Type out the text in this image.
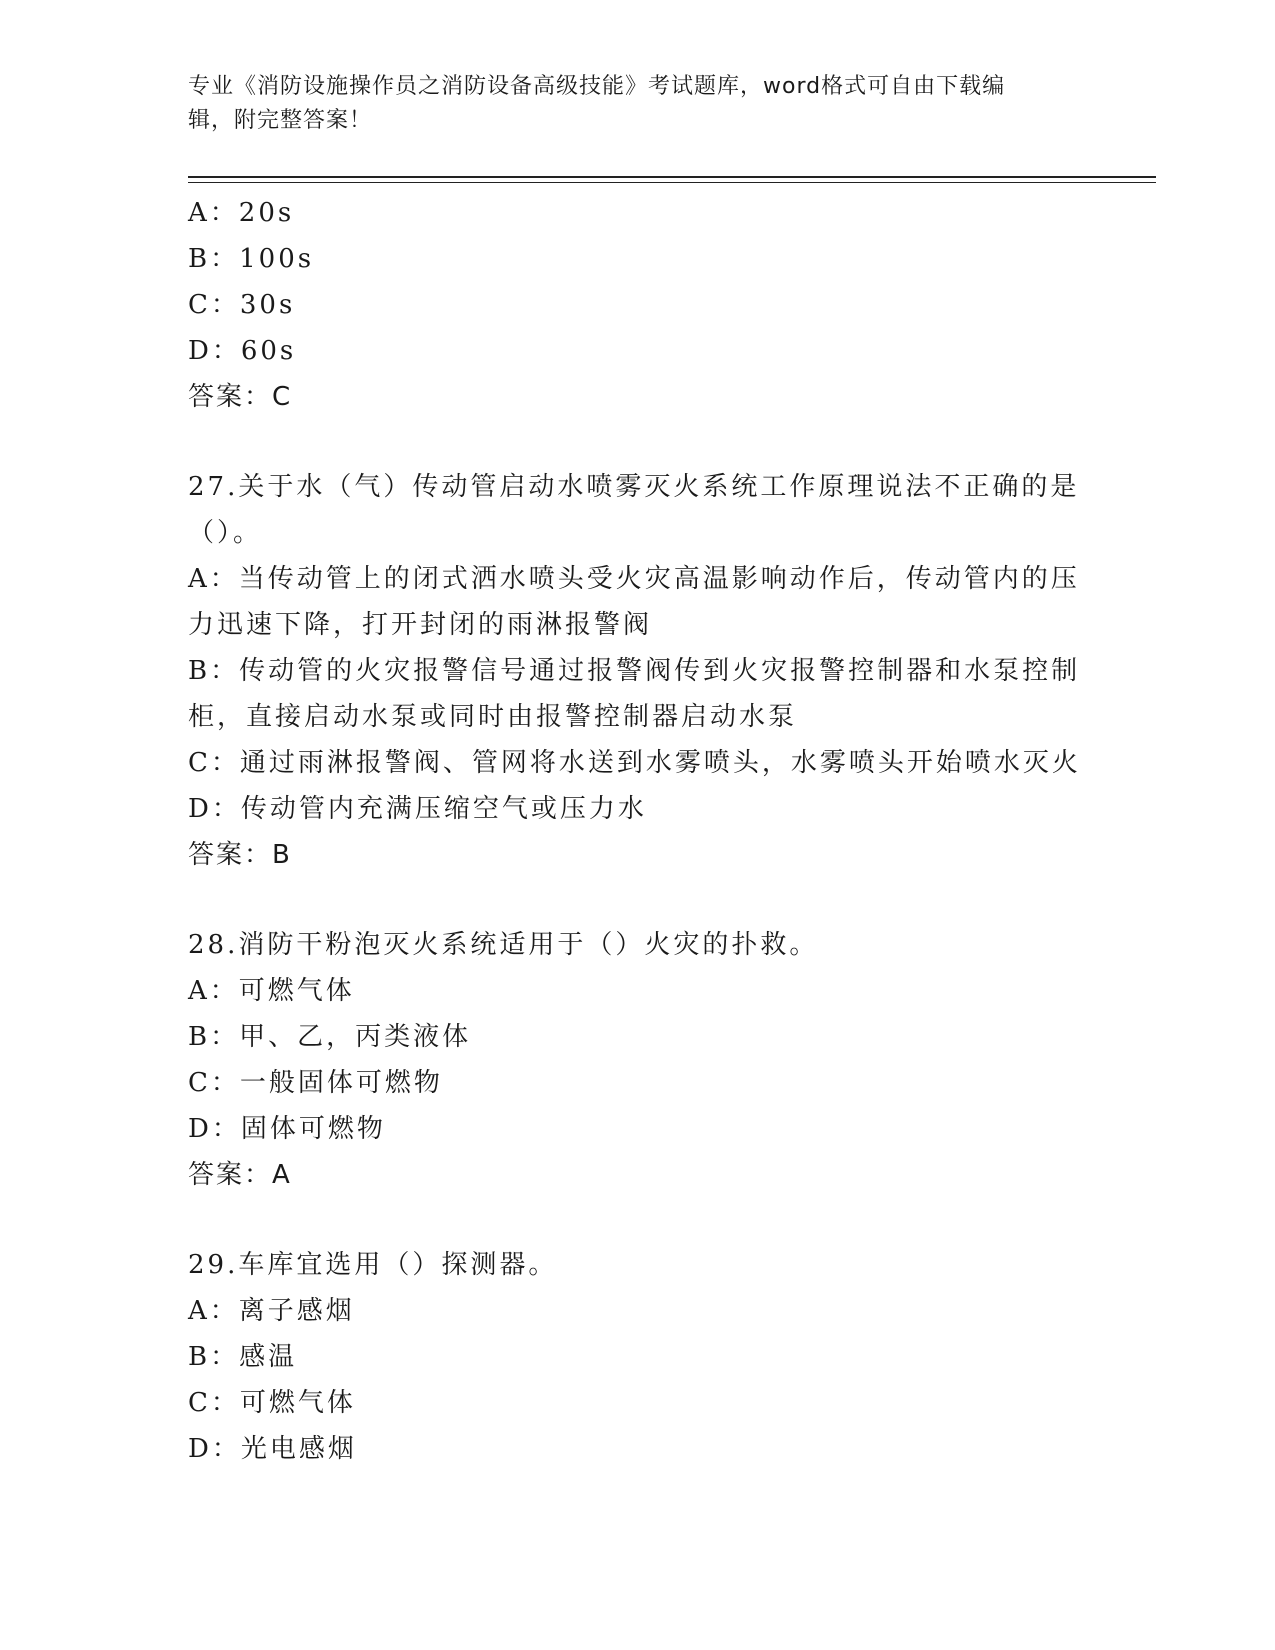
专业《消防设施操作员之消防设备高级技能》考试题库，word格式可自由下载编
辑，附完整答案！
A：20s
B：100s
C：30s
D：60s
答案：C
27.关于水（气）传动管启动水喷雾灭火系统工作原理说法不正确的是
（）。
A：当传动管上的闭式洒水喷头受火灾高温影响动作后，传动管内的压
力迅速下降，打开封闭的雨淋报警阀
B：传动管的火灾报警信号通过报警阀传到火灾报警控制器和水泵控制
柜，直接启动水泵或同时由报警控制器启动水泵
C：通过雨淋报警阀、管网将水送到水雾喷头，水雾喷头开始喷水灭火
D：传动管内充满压缩空气或压力水
答案：B
28.消防干粉泡灭火系统适用于（）火灾的扑救。
A：可燃气体
B：甲、乙，丙类液体
C：一般固体可燃物
D：固体可燃物
答案：A
29.车库宜选用（）探测器。
A：离子感烟
B：感温
C：可燃气体
D：光电感烟
